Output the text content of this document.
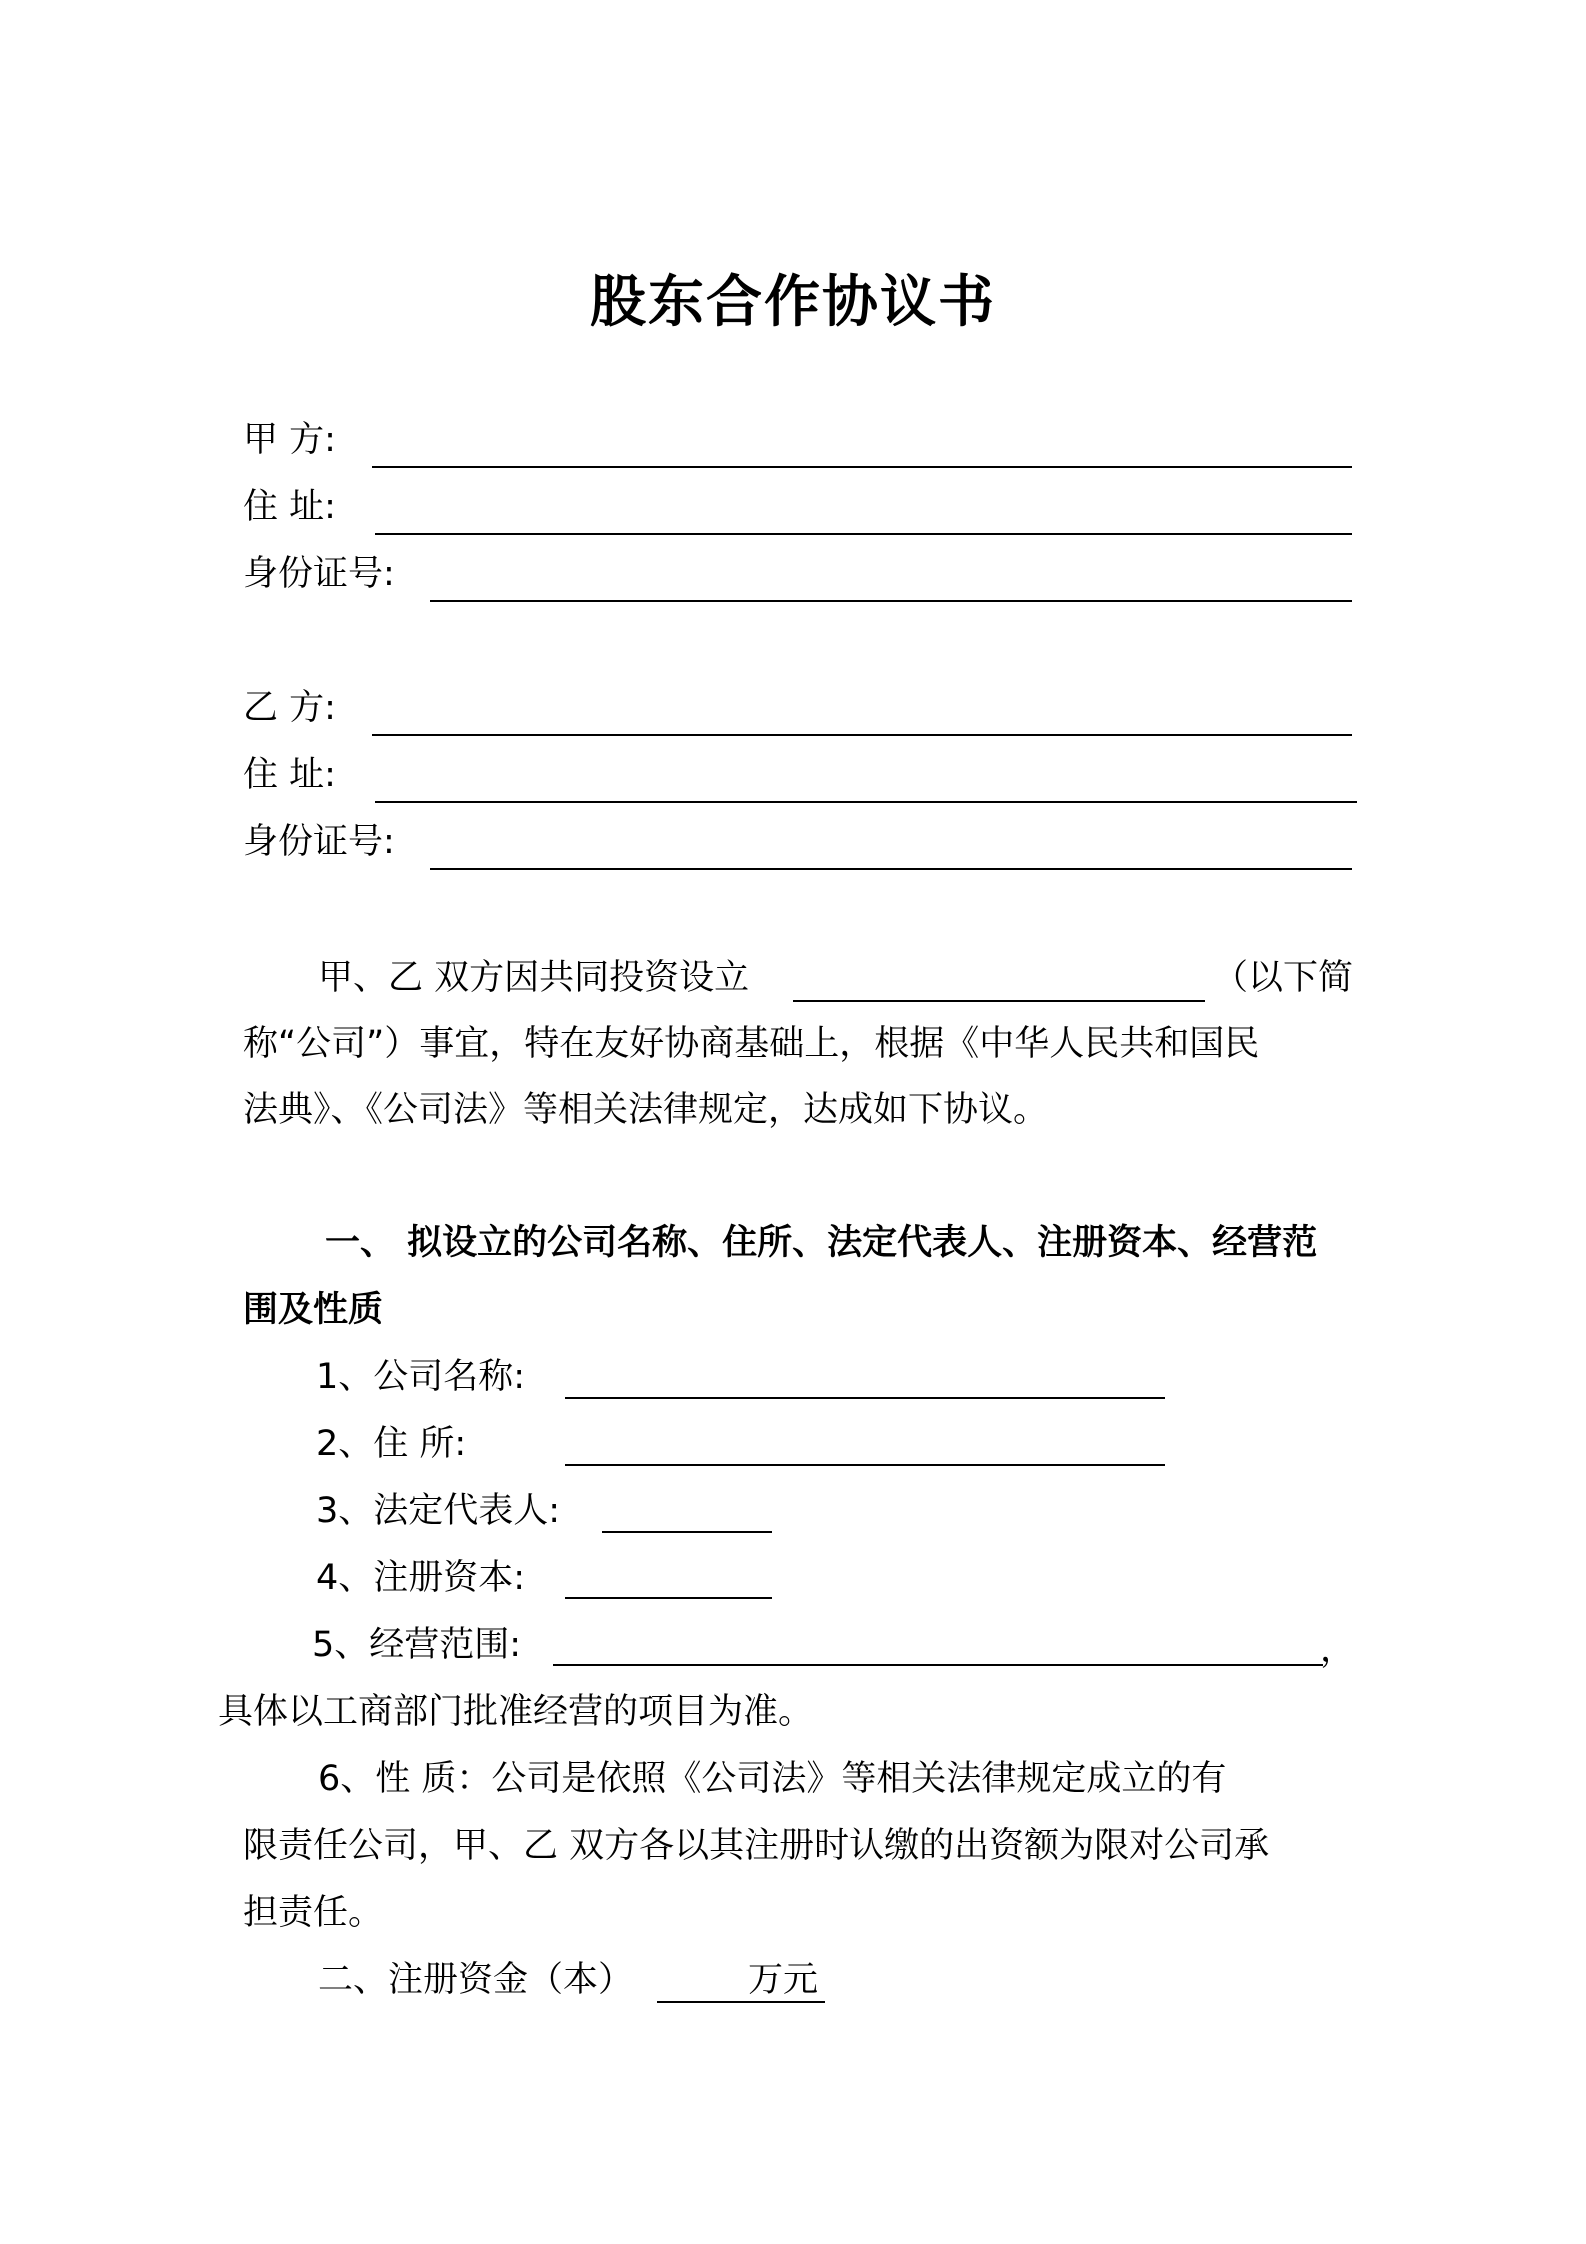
股东合作协议书
甲 方:
住 址:
身份证号:
乙 方:
住 址:
身份证号:
甲、乙 双方因共同投资设立	（以下简
称“公司”）事宜，特在友好协商基础上，根据《中华人民共和国民
法典》、《公司法》等相关法律规定，达成如下协议。
一、 拟设立的公司名称、住所、法定代表人、注册资本、经营范
围及性质
1、公司名称:
2、住 所:
3、法定代表人:
4、注册资本:
5、经营范围:	，
具体以工商部门批准经营的项目为准。
6、性 质：公司是依照《公司法》等相关法律规定成立的有
限责任公司，甲、乙 双方各以其注册时认缴的出资额为限对公司承
担责任。
二、注册资金（本）	万元
